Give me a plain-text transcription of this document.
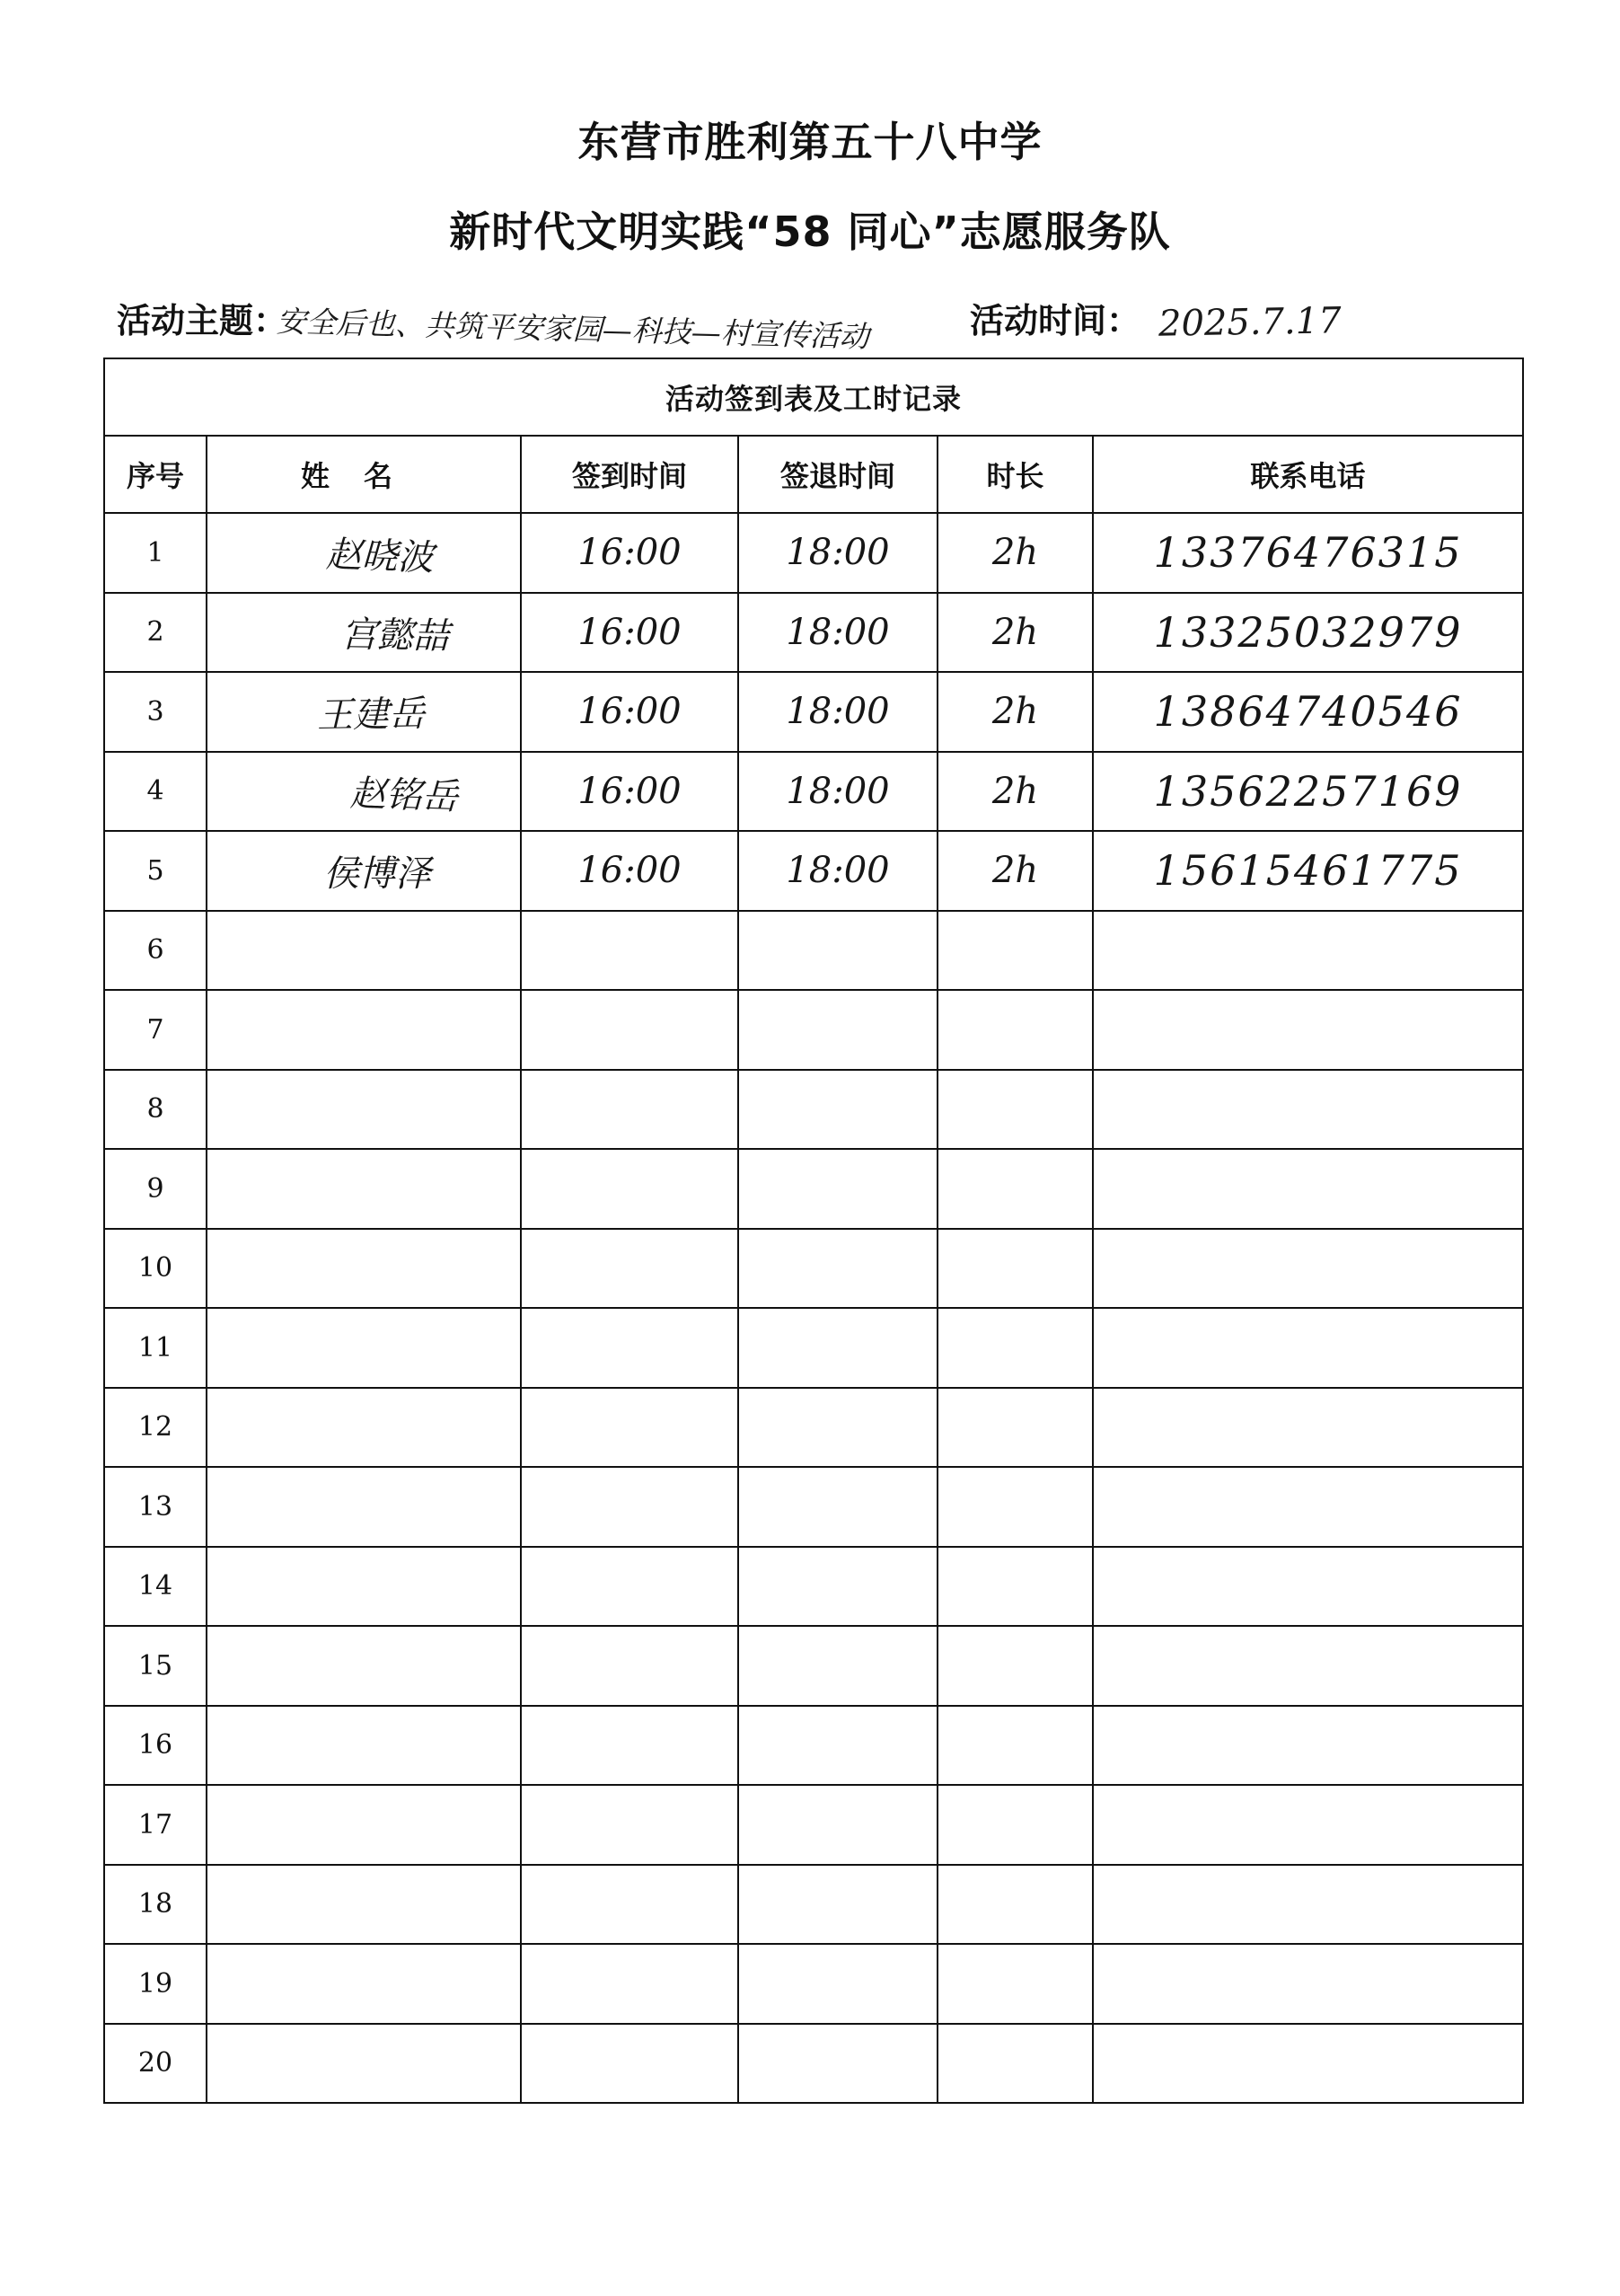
东营市胜利第五十八中学
新时代文明实践“58 同心”志愿服务队
活动主题：
安全后也、共筑平安家园—科技—村宣传活动	活动时间： 2025.7.17
活动签到表及工时记录					
序号	姓名	签到时间	签退时间	时长	联系电话
1	赵晓波	16:00	18:00	2h	13376476315
2	宫懿喆	16:00	18:00	2h	13325032979
3	王建岳	16:00	18:00	2h	13864740546
4	赵铭岳	16:00	18:00	2h	13562257169
5	侯博泽	16:00	18:00	2h	15615461775
6					
7					
8					
9					
10					
11					
12					
13					
14					
15					
16					
17					
18					
19					
20					
